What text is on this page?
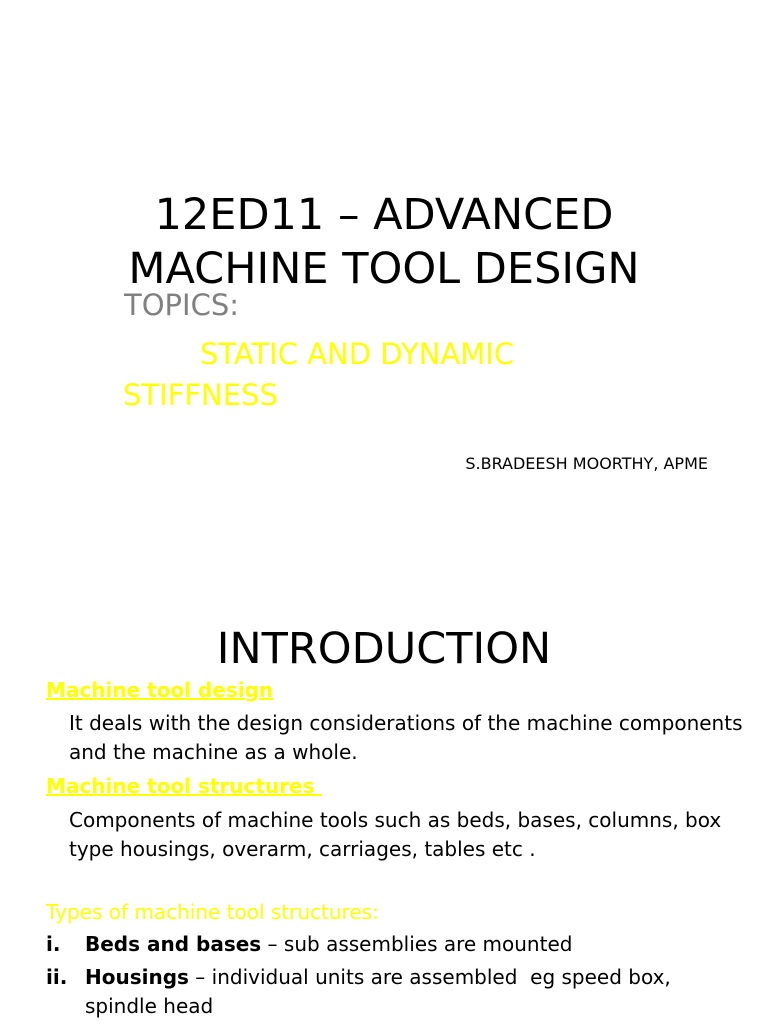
12ED11 – ADVANCED
MACHINE TOOL DESIGN
TOPICS:
STATIC AND DYNAMIC
STIFFNESS
S.BRADEESH MOORTHY, APME
INTRODUCTION
Machine tool design
It deals with the design considerations of the machine components and the machine as a whole.
Machine tool structures
Components of machine tools such as beds, bases, columns, box type housings, overarm, carriages, tables etc .
Types of machine tool structures:
i. Beds and bases – sub assemblies are mounted
ii. Housings – individual units are assembled  eg speed box, spindle head
